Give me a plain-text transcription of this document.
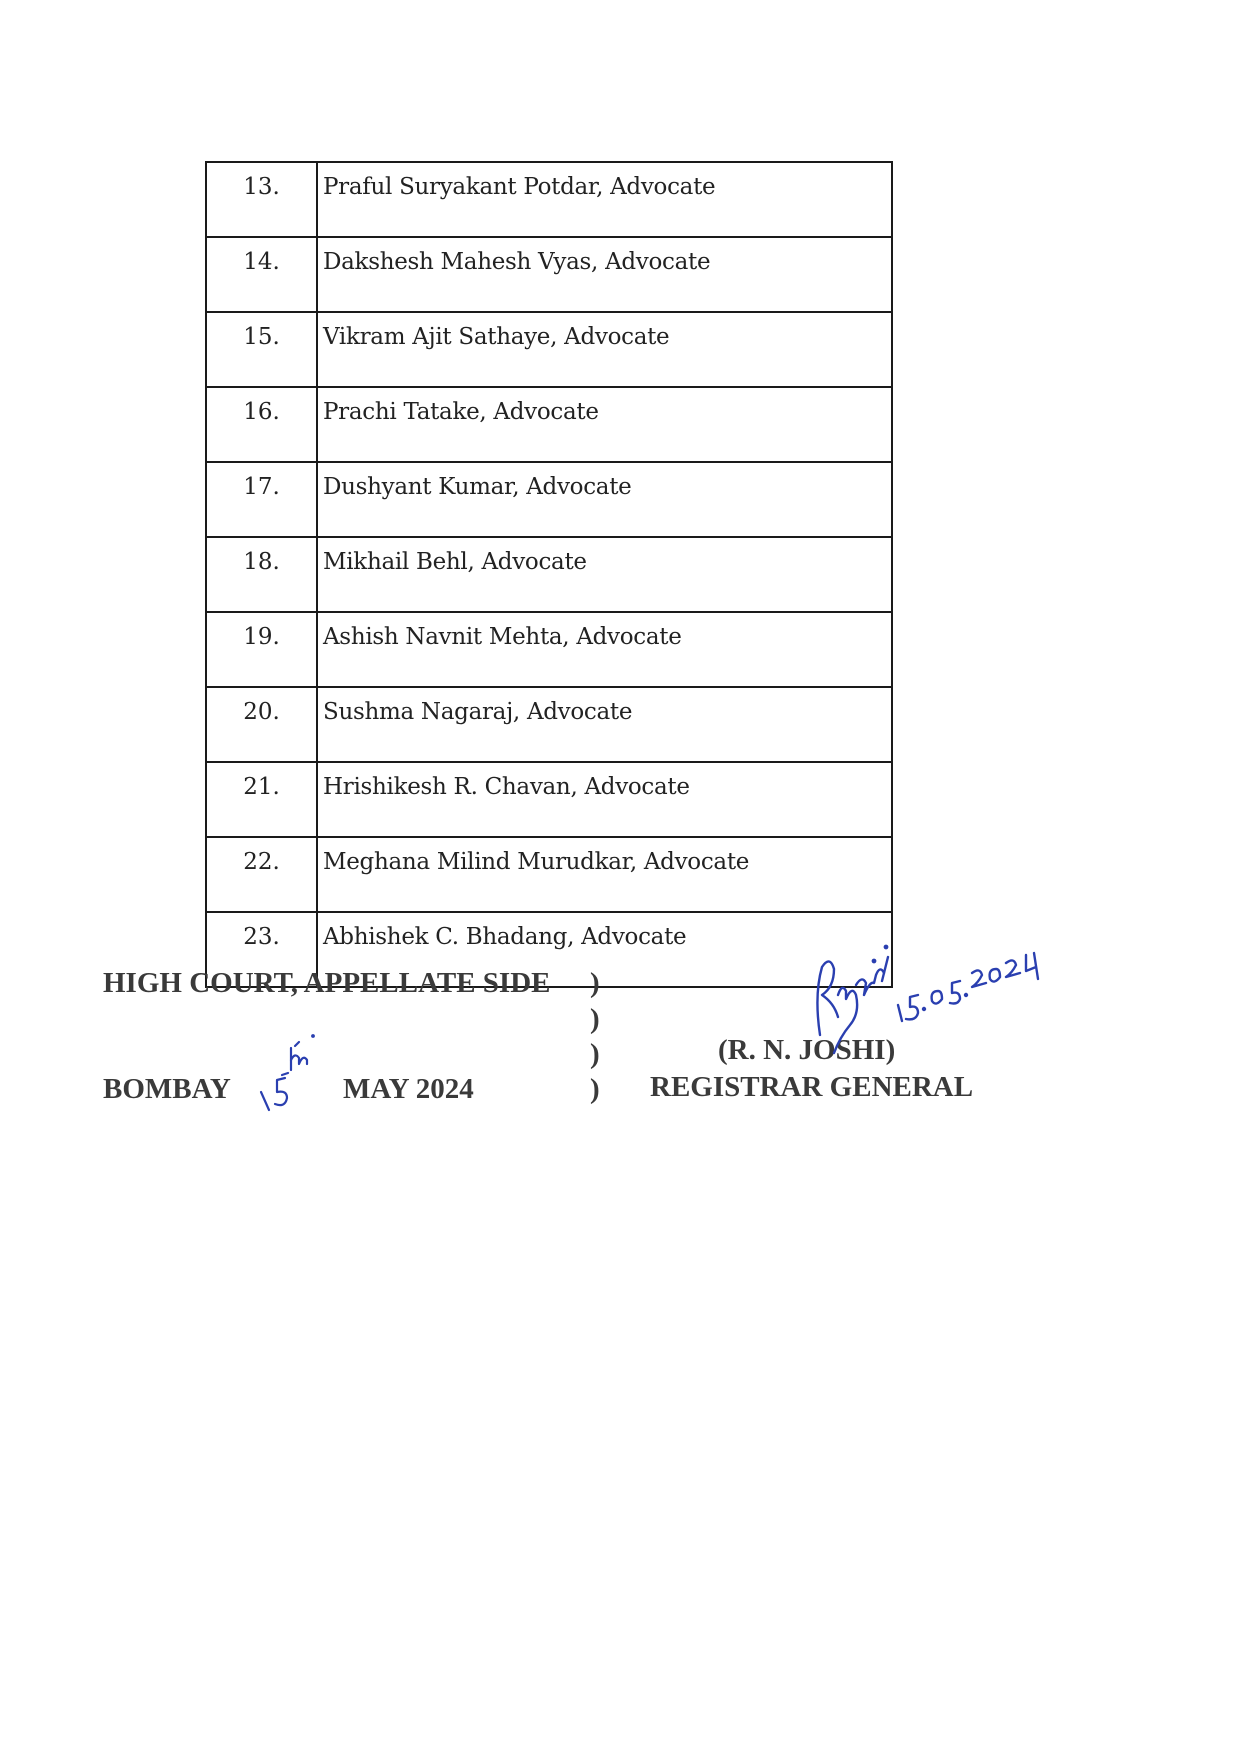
13.	Praful Suryakant Potdar, Advocate
14.	Dakshesh Mahesh Vyas, Advocate
15.	Vikram Ajit Sathaye, Advocate
16.	Prachi Tatake, Advocate
17.	Dushyant Kumar, Advocate
18.	Mikhail Behl, Advocate
19.	Ashish Navnit Mehta, Advocate
20.	Sushma Nagaraj, Advocate
21.	Hrishikesh R. Chavan, Advocate
22.	Meghana Milind Murudkar, Advocate
23.	Abhishek C. Bhadang, Advocate
HIGH COURT, APPELLATE SIDE )
)
)
)
BOMBAY	MAY 2024
(R. N. JOSHI)
REGISTRAR GENERAL
